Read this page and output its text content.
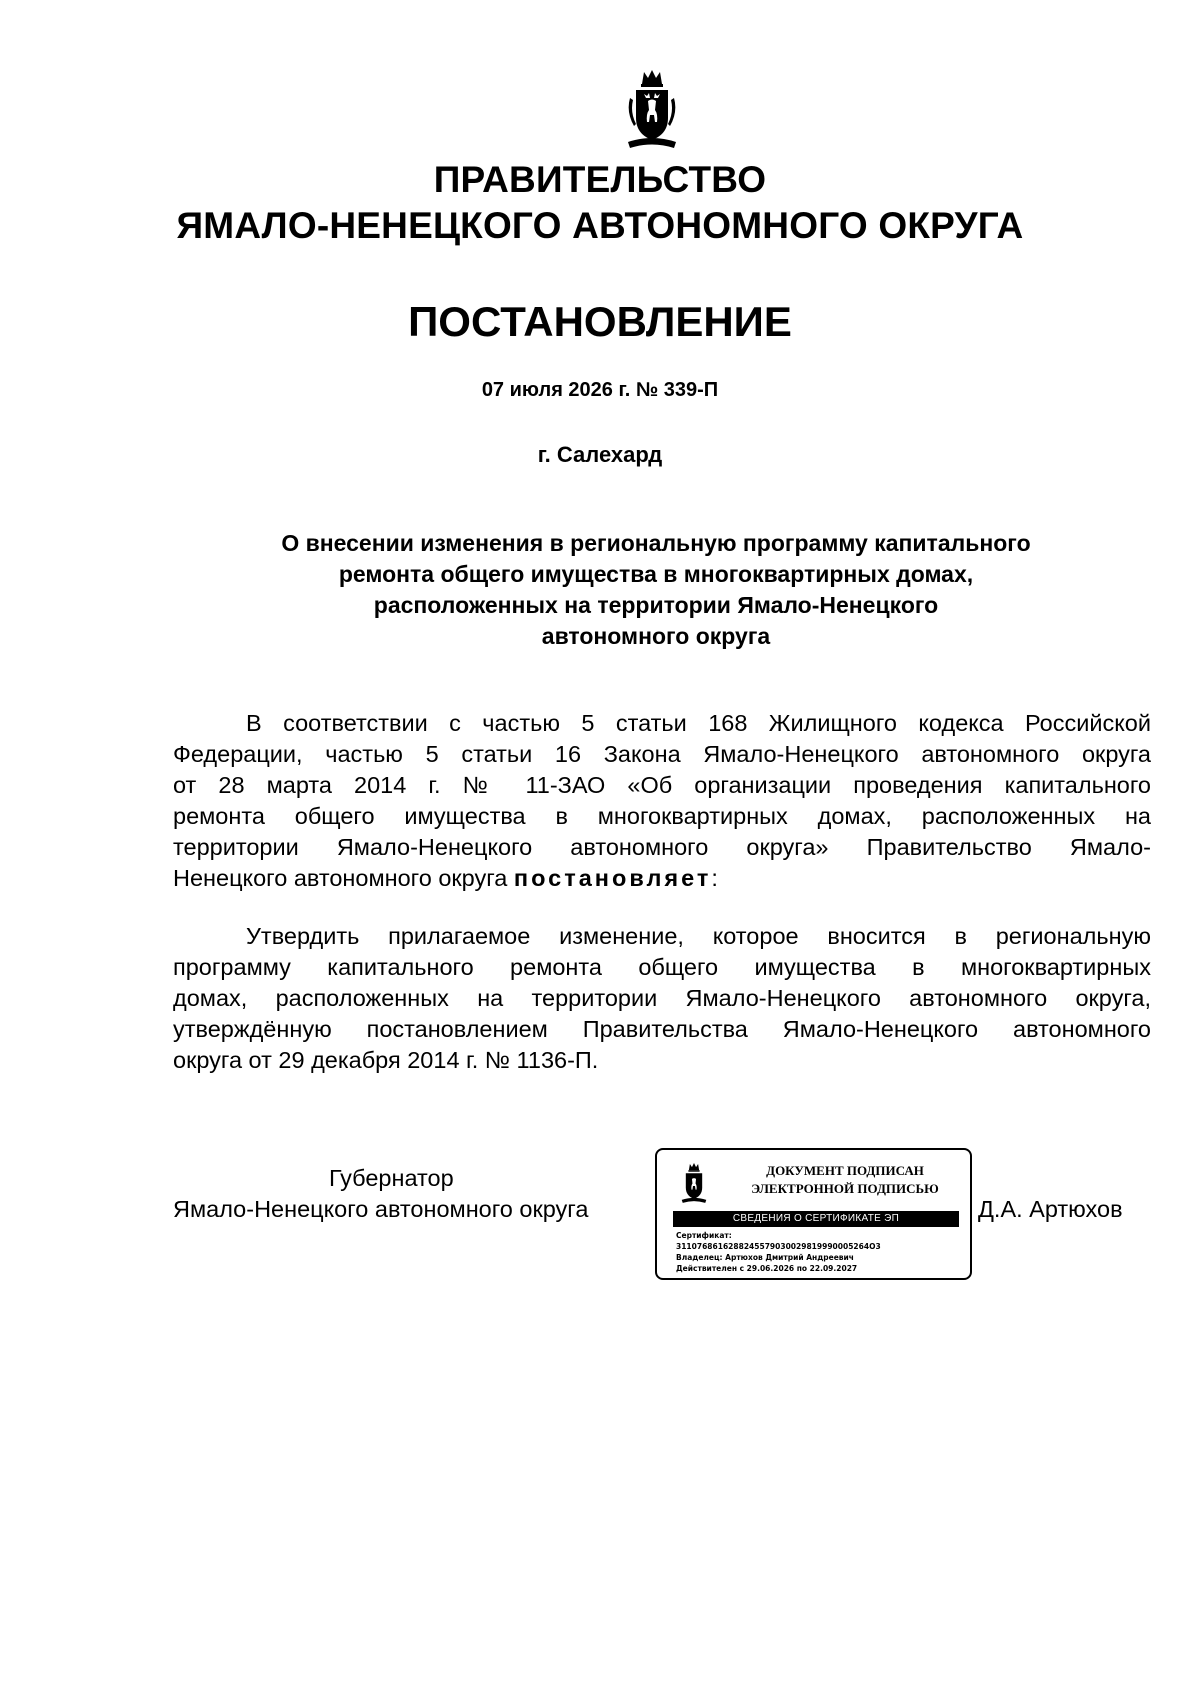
ПРАВИТЕЛЬСТВО
ЯМАЛО-НЕНЕЦКОГО АВТОНОМНОГО ОКРУГА
ПОСТАНОВЛЕНИЕ
07 июля 2026 г. № 339-П
г. Салехард
О внесении изменения в региональную программу капитального
ремонта общего имущества в многоквартирных домах,
расположенных на территории Ямало-Ненецкого
автономного округа
В соответствии с частью 5 статьи 168 Жилищного кодекса Российской
Федерации, частью 5 статьи 16 Закона Ямало-Ненецкого автономного округа
от 28 марта 2014 г. № 11-ЗАО «Об организации проведения капитального
ремонта общего имущества в многоквартирных домах, расположенных на
территории Ямало-Ненецкого автономного округа» Правительство Ямало-
Ненецкого автономного округа постановляет:
Утвердить прилагаемое изменение, которое вносится в региональную
программу капитального ремонта общего имущества в многоквартирных
домах, расположенных на территории Ямало-Ненецкого автономного округа,
утверждённую постановлением Правительства Ямало-Ненецкого автономного
округа от 29 декабря 2014 г. № 1136-П.
Губернатор
Ямало-Ненецкого автономного округа
ДОКУМЕНТ ПОДПИСАН
ЭЛЕКТРОННОЙ ПОДПИСЬЮ
СВЕДЕНИЯ О СЕРТИФИКАТЕ ЭП
Сертификат:
3110768616288245579030029819990005264O3
Владелец: Артюхов Дмитрий Андреевич
Действителен с 29.06.2026 по 22.09.2027
Д.А. Артюхов
